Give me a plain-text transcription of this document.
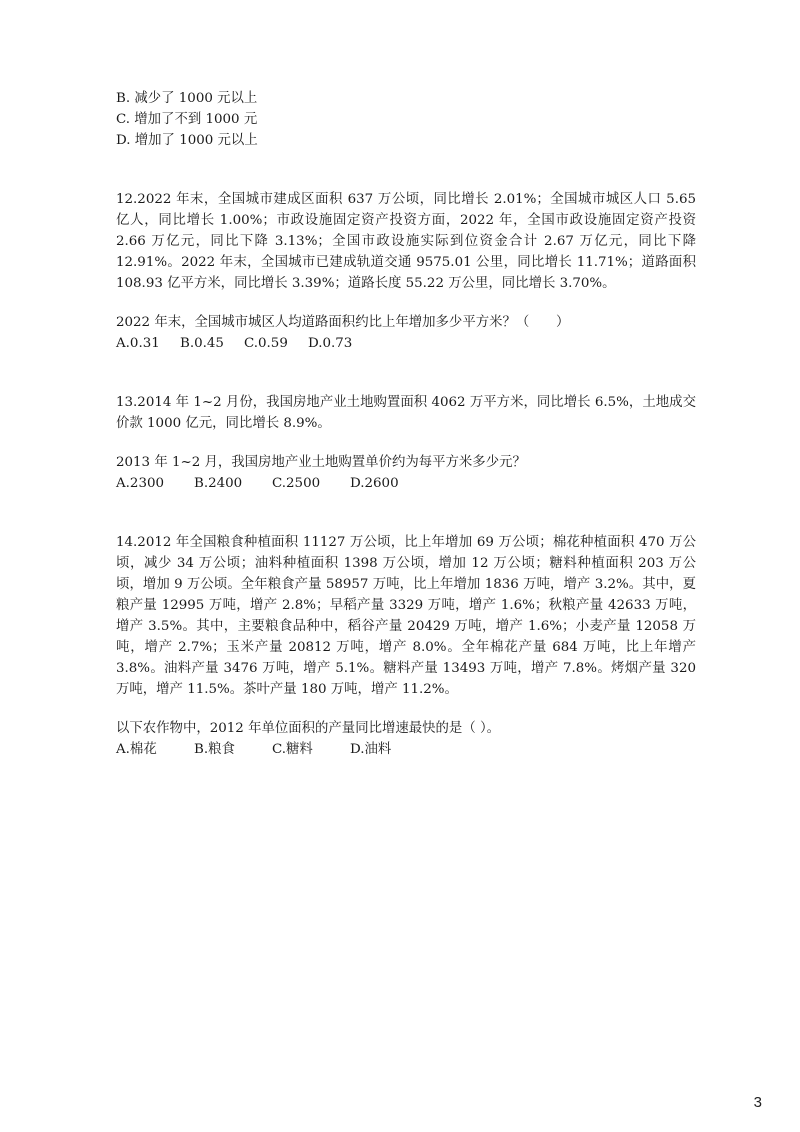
B. 减少了 1000 元以上
C. 增加了不到 1000 元
D. 增加了 1000 元以上
12.2022 年末，全国城市建成区面积 637 万公顷，同比增长 2.01%；全国城市城区人口 5.65 亿人，同比增长 1.00%；市政设施固定资产投资方面，2022 年，全国市政设施固定资产投资 2.66 万亿元，同比下降 3.13%；全国市政设施实际到位资金合计 2.67 万亿元，同比下降 12.91%。2022 年末，全国城市已建成轨道交通 9575.01 公里，同比增长 11.71%；道路面积 108.93 亿平方米，同比增长 3.39%；道路长度 55.22 万公里，同比增长 3.70%。
2022 年末，全国城市城区人均道路面积约比上年增加多少平方米？（　　）
A.0.31	B.0.45	C.0.59	D.0.73
13.2014 年 1~2 月份，我国房地产业土地购置面积 4062 万平方米，同比增长 6.5%，土地成交价款 1000 亿元，同比增长 8.9%。
2013 年 1~2 月，我国房地产业土地购置单价约为每平方米多少元？
A.2300	B.2400	C.2500	D.2600
14.2012 年全国粮食种植面积 11127 万公顷，比上年增加 69 万公顷；棉花种植面积 470 万公顷，减少 34 万公顷；油料种植面积 1398 万公顷，增加 12 万公顷；糖料种植面积 203 万公顷，增加 9 万公顷。全年粮食产量 58957 万吨，比上年增加 1836 万吨，增产 3.2%。其中，夏粮产量 12995 万吨，增产 2.8%；早稻产量 3329 万吨，增产 1.6%；秋粮产量 42633 万吨，增产 3.5%。其中，主要粮食品种中，稻谷产量 20429 万吨，增产 1.6%；小麦产量 12058 万吨，增产 2.7%；玉米产量 20812 万吨，增产 8.0%。全年棉花产量 684 万吨，比上年增产 3.8%。油料产量 3476 万吨，增产 5.1%。糖料产量 13493 万吨，增产 7.8%。烤烟产量 320 万吨，增产 11.5%。茶叶产量 180 万吨，增产 11.2%。
以下农作物中，2012 年单位面积的产量同比增速最快的是（ ）。
A.棉花	B.粮食	C.糖料	D.油料
3
